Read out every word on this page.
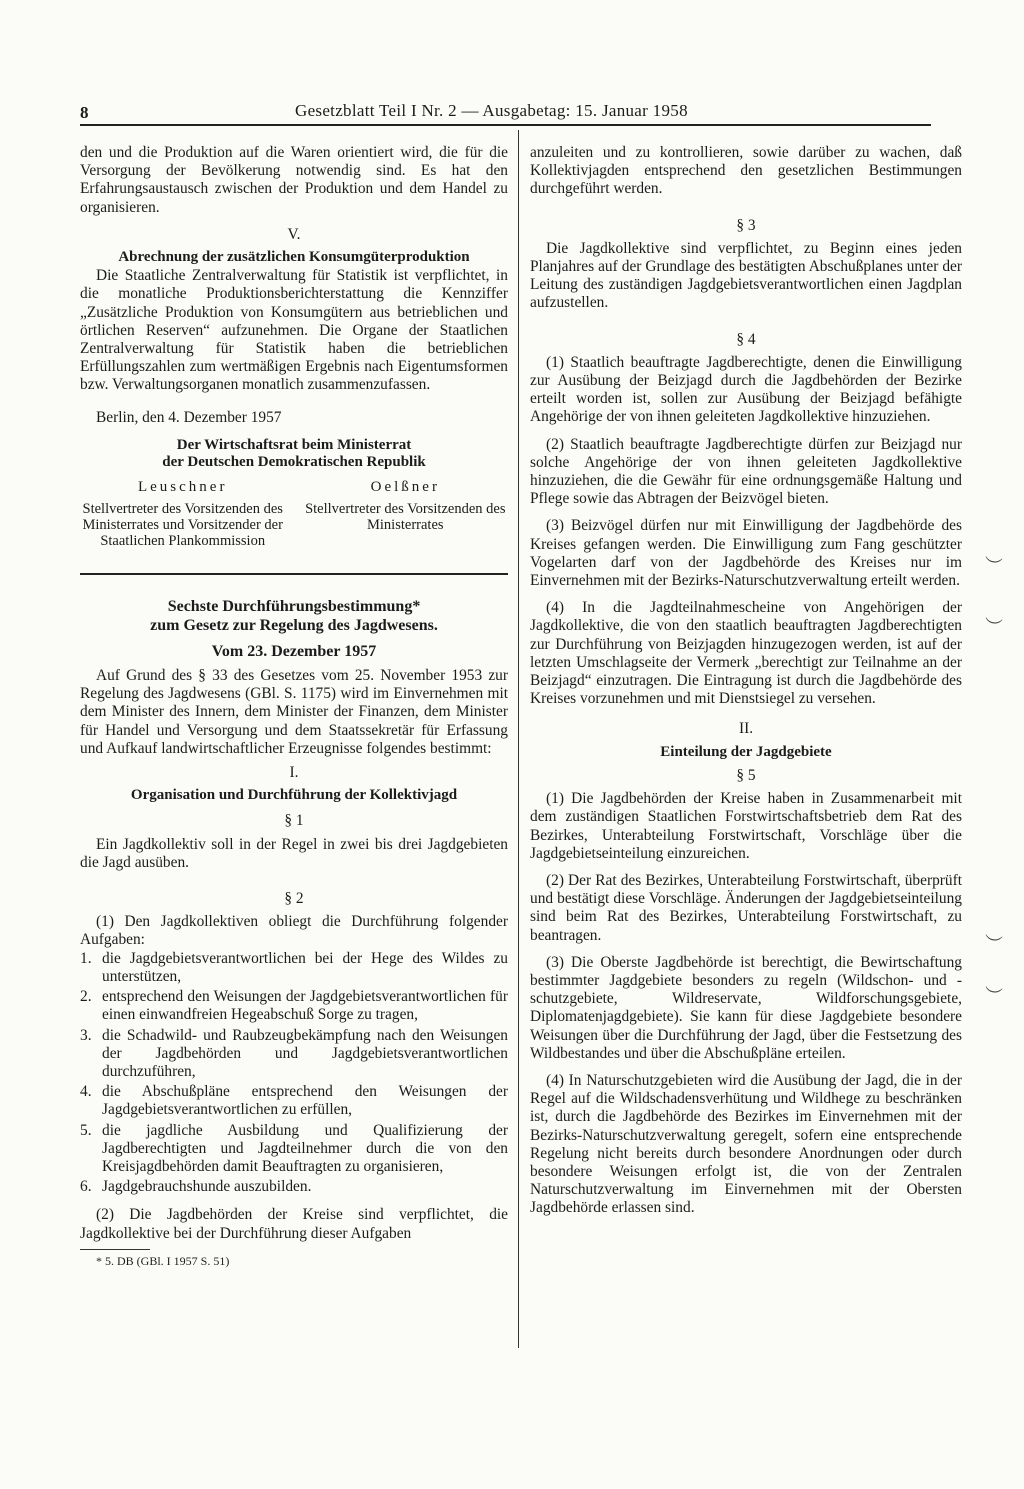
8	Gesetzblatt Teil I Nr. 2 — Ausgabetag: 15. Januar 1958

den und die Produktion auf die Waren orientiert wird, die für die Versorgung der Bevölkerung notwendig sind. Es hat den Erfahrungsaustausch zwischen der Produktion und dem Handel zu organisieren.

V.

Abrechnung der zusätzlichen Konsumgüterproduktion

Die Staatliche Zentralverwaltung für Statistik ist verpflichtet, in die monatliche Produktionsberichterstattung die Kennziffer „Zusätzliche Produktion von Konsumgütern aus betrieblichen und örtlichen Reserven“ aufzunehmen. Die Organe der Staatlichen Zentralverwaltung für Statistik haben die betrieblichen Erfüllungszahlen zum wertmäßigen Ergebnis nach Eigentumsformen bzw. Verwaltungsorganen monatlich zusammenzufassen.

Berlin, den 4. Dezember 1957

Der Wirtschaftsrat beim Ministerrat
der Deutschen Demokratischen Republik
Leuschner
Stellvertreter des Vorsitzenden des Ministerrates und Vorsitzender der Staatlichen Plankommission
Oelßner
Stellvertreter des Vorsitzenden des Ministerrates
Sechste Durchführungsbestimmung*
zum Gesetz zur Regelung des Jagdwesens.

Vom 23. Dezember 1957

Auf Grund des § 33 des Gesetzes vom 25. November 1953 zur Regelung des Jagdwesens (GBl. S. 1175) wird im Einvernehmen mit dem Minister des Innern, dem Minister der Finanzen, dem Minister für Handel und Versorgung und dem Staatssekretär für Erfassung und Aufkauf landwirtschaftlicher Erzeugnisse folgendes bestimmt:

I.

Organisation und Durchführung der Kollektivjagd

§ 1

Ein Jagdkollektiv soll in der Regel in zwei bis drei Jagdgebieten die Jagd ausüben.

§ 2

(1) Den Jagdkollektiven obliegt die Durchführung folgender Aufgaben:

1. die Jagdgebietsverantwortlichen bei der Hege des Wildes zu unterstützen,
2. entsprechend den Weisungen der Jagdgebietsverantwortlichen für einen einwandfreien Hegeabschuß Sorge zu tragen,
3. die Schadwild- und Raubzeugbekämpfung nach den Weisungen der Jagdbehörden und Jagdgebietsverantwortlichen durchzuführen,
4. die Abschußpläne entsprechend den Weisungen der Jagdgebietsverantwortlichen zu erfüllen,
5. die jagdliche Ausbildung und Qualifizierung der Jagdberechtigten und Jagdteilnehmer durch die von den Kreisjagdbehörden damit Beauftragten zu organisieren,
6. Jagdgebrauchshunde auszubilden.

(2) Die Jagdbehörden der Kreise sind verpflichtet, die Jagdkollektive bei der Durchführung dieser Aufgaben

* 5. DB (GBl. I 1957 S. 51)

anzuleiten und zu kontrollieren, sowie darüber zu wachen, daß Kollektivjagden entsprechend den gesetzlichen Bestimmungen durchgeführt werden.

§ 3

Die Jagdkollektive sind verpflichtet, zu Beginn eines jeden Planjahres auf der Grundlage des bestätigten Abschußplanes unter der Leitung des zuständigen Jagdgebietsverantwortlichen einen Jagdplan aufzustellen.

§ 4

(1) Staatlich beauftragte Jagdberechtigte, denen die Einwilligung zur Ausübung der Beizjagd durch die Jagdbehörden der Bezirke erteilt worden ist, sollen zur Ausübung der Beizjagd befähigte Angehörige der von ihnen geleiteten Jagdkollektive hinzuziehen.

(2) Staatlich beauftragte Jagdberechtigte dürfen zur Beizjagd nur solche Angehörige der von ihnen geleiteten Jagdkollektive hinzuziehen, die die Gewähr für eine ordnungsgemäße Haltung und Pflege sowie das Abtragen der Beizvögel bieten.

(3) Beizvögel dürfen nur mit Einwilligung der Jagdbehörde des Kreises gefangen werden. Die Einwilligung zum Fang geschützter Vogelarten darf von der Jagdbehörde des Kreises nur im Einvernehmen mit der Bezirks-Naturschutzverwaltung erteilt werden.

(4) In die Jagdteilnahmescheine von Angehörigen der Jagdkollektive, die von den staatlich beauftragten Jagdberechtigten zur Durchführung von Beizjagden hinzugezogen werden, ist auf der letzten Umschlagseite der Vermerk „berechtigt zur Teilnahme an der Beizjagd“ einzutragen. Die Eintragung ist durch die Jagdbehörde des Kreises vorzunehmen und mit Dienstsiegel zu versehen.

II.

Einteilung der Jagdgebiete

§ 5

(1) Die Jagdbehörden der Kreise haben in Zusammenarbeit mit dem zuständigen Staatlichen Forstwirtschaftsbetrieb dem Rat des Bezirkes, Unterabteilung Forstwirtschaft, Vorschläge über die Jagdgebietseinteilung einzureichen.

(2) Der Rat des Bezirkes, Unterabteilung Forstwirtschaft, überprüft und bestätigt diese Vorschläge. Änderungen der Jagdgebietseinteilung sind beim Rat des Bezirkes, Unterabteilung Forstwirtschaft, zu beantragen.

(3) Die Oberste Jagdbehörde ist berechtigt, die Bewirtschaftung bestimmter Jagdgebiete besonders zu regeln (Wildschon- und -schutzgebiete, Wildreservate, Wildforschungsgebiete, Diplomatenjagdgebiete). Sie kann für diese Jagdgebiete besondere Weisungen über die Durchführung der Jagd, über die Festsetzung des Wildbestandes und über die Abschußpläne erteilen.

(4) In Naturschutzgebieten wird die Ausübung der Jagd, die in der Regel auf die Wildschadensverhütung und Wildhege zu beschränken ist, durch die Jagdbehörde des Bezirkes im Einvernehmen mit der Bezirks-Naturschutzverwaltung geregelt, sofern eine entsprechende Regelung nicht bereits durch besondere Anordnungen oder durch besondere Weisungen erfolgt ist, die von der Zentralen Naturschutzverwaltung im Einvernehmen mit der Obersten Jagdbehörde erlassen sind.

︶
︶
︶
︶
